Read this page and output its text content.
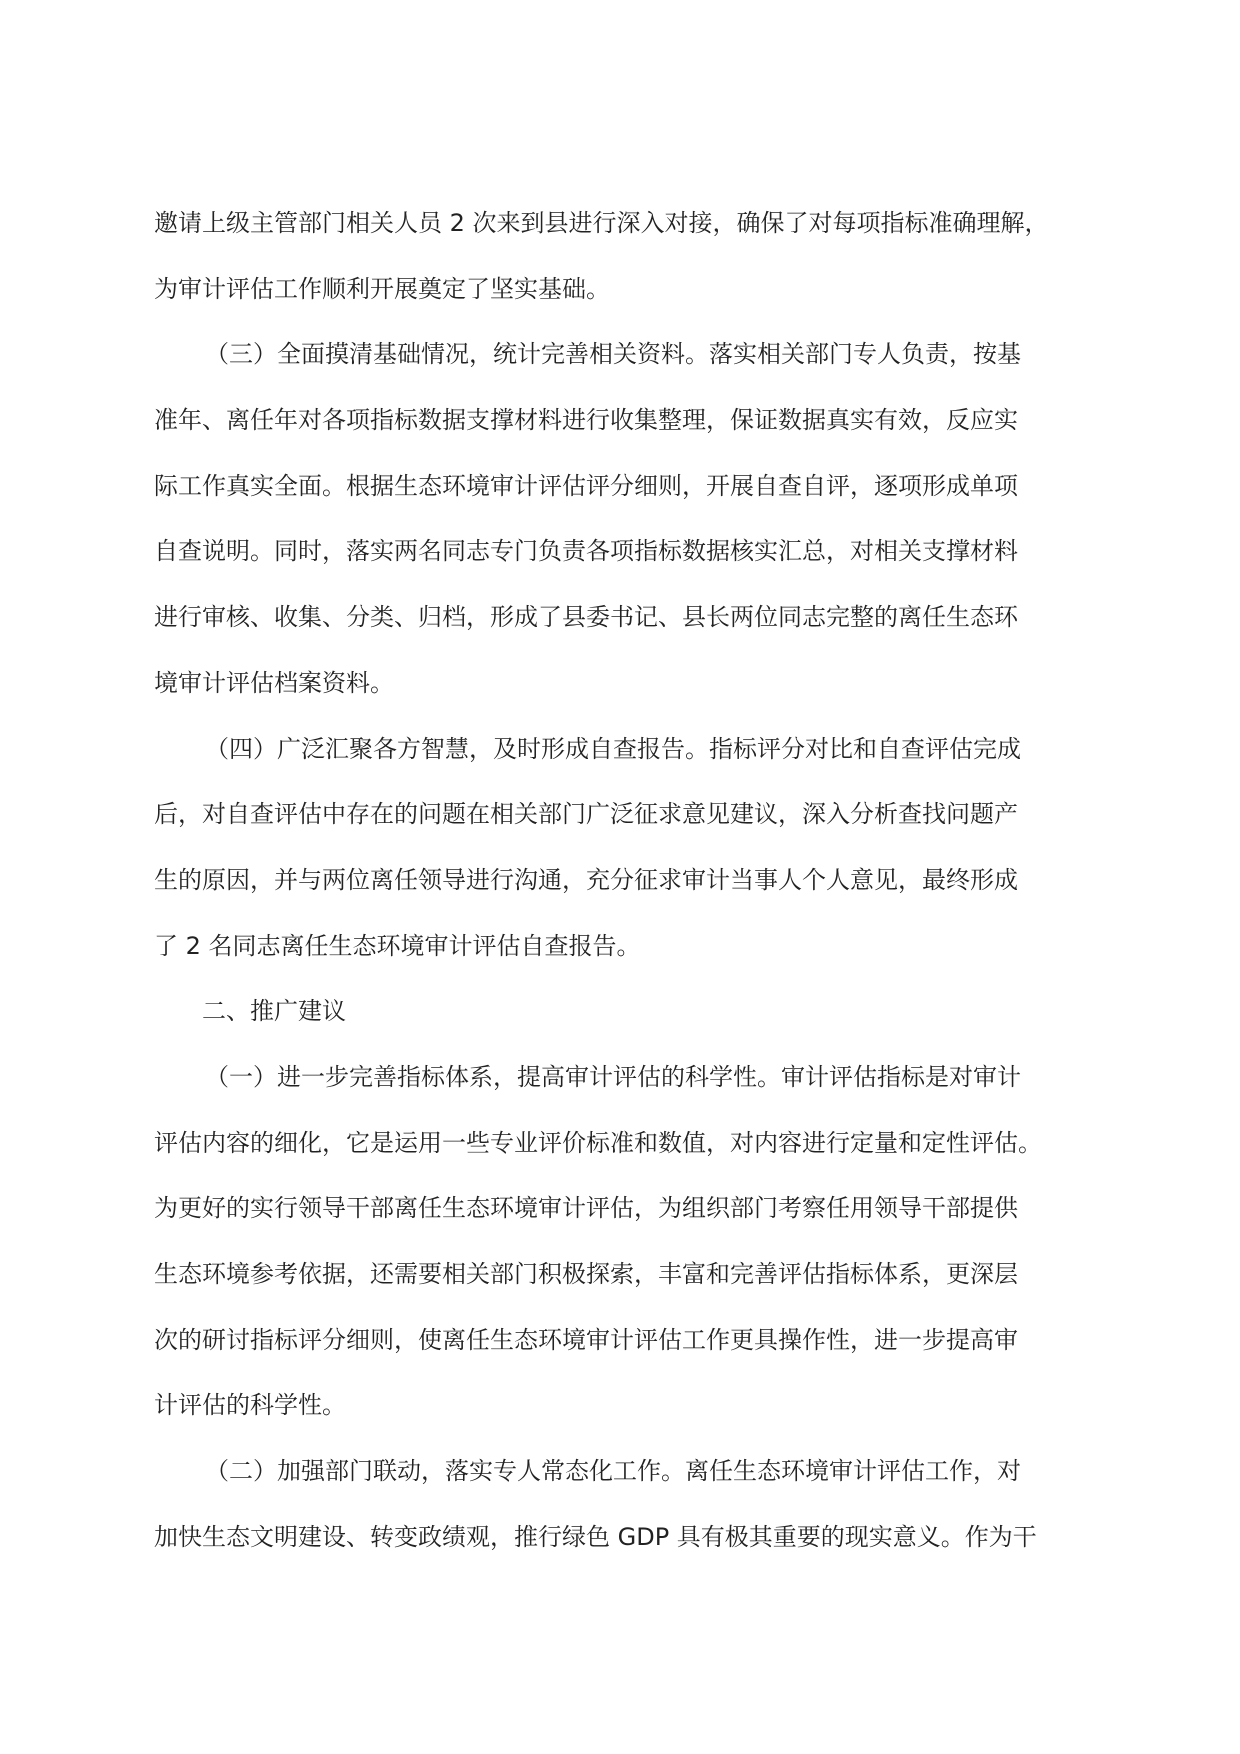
邀请上级主管部门相关人员 2 次来到县进行深入对接，确保了对每项指标准确理解，
为审计评估工作顺利开展奠定了坚实基础。
（三）全面摸清基础情况，统计完善相关资料。落实相关部门专人负责，按基
准年、离任年对各项指标数据支撑材料进行收集整理，保证数据真实有效，反应实
际工作真实全面。根据生态环境审计评估评分细则，开展自查自评，逐项形成单项
自查说明。同时，落实两名同志专门负责各项指标数据核实汇总，对相关支撑材料
进行审核、收集、分类、归档，形成了县委书记、县长两位同志完整的离任生态环
境审计评估档案资料。
（四）广泛汇聚各方智慧，及时形成自查报告。指标评分对比和自查评估完成
后，对自查评估中存在的问题在相关部门广泛征求意见建议，深入分析查找问题产
生的原因，并与两位离任领导进行沟通，充分征求审计当事人个人意见，最终形成
了 2 名同志离任生态环境审计评估自查报告。
二、推广建议
（一）进一步完善指标体系，提高审计评估的科学性。审计评估指标是对审计
评估内容的细化，它是运用一些专业评价标准和数值，对内容进行定量和定性评估。
为更好的实行领导干部离任生态环境审计评估，为组织部门考察任用领导干部提供
生态环境参考依据，还需要相关部门积极探索，丰富和完善评估指标体系，更深层
次的研讨指标评分细则，使离任生态环境审计评估工作更具操作性，进一步提高审
计评估的科学性。
（二）加强部门联动，落实专人常态化工作。离任生态环境审计评估工作，对
加快生态文明建设、转变政绩观，推行绿色 GDP 具有极其重要的现实意义。作为干
